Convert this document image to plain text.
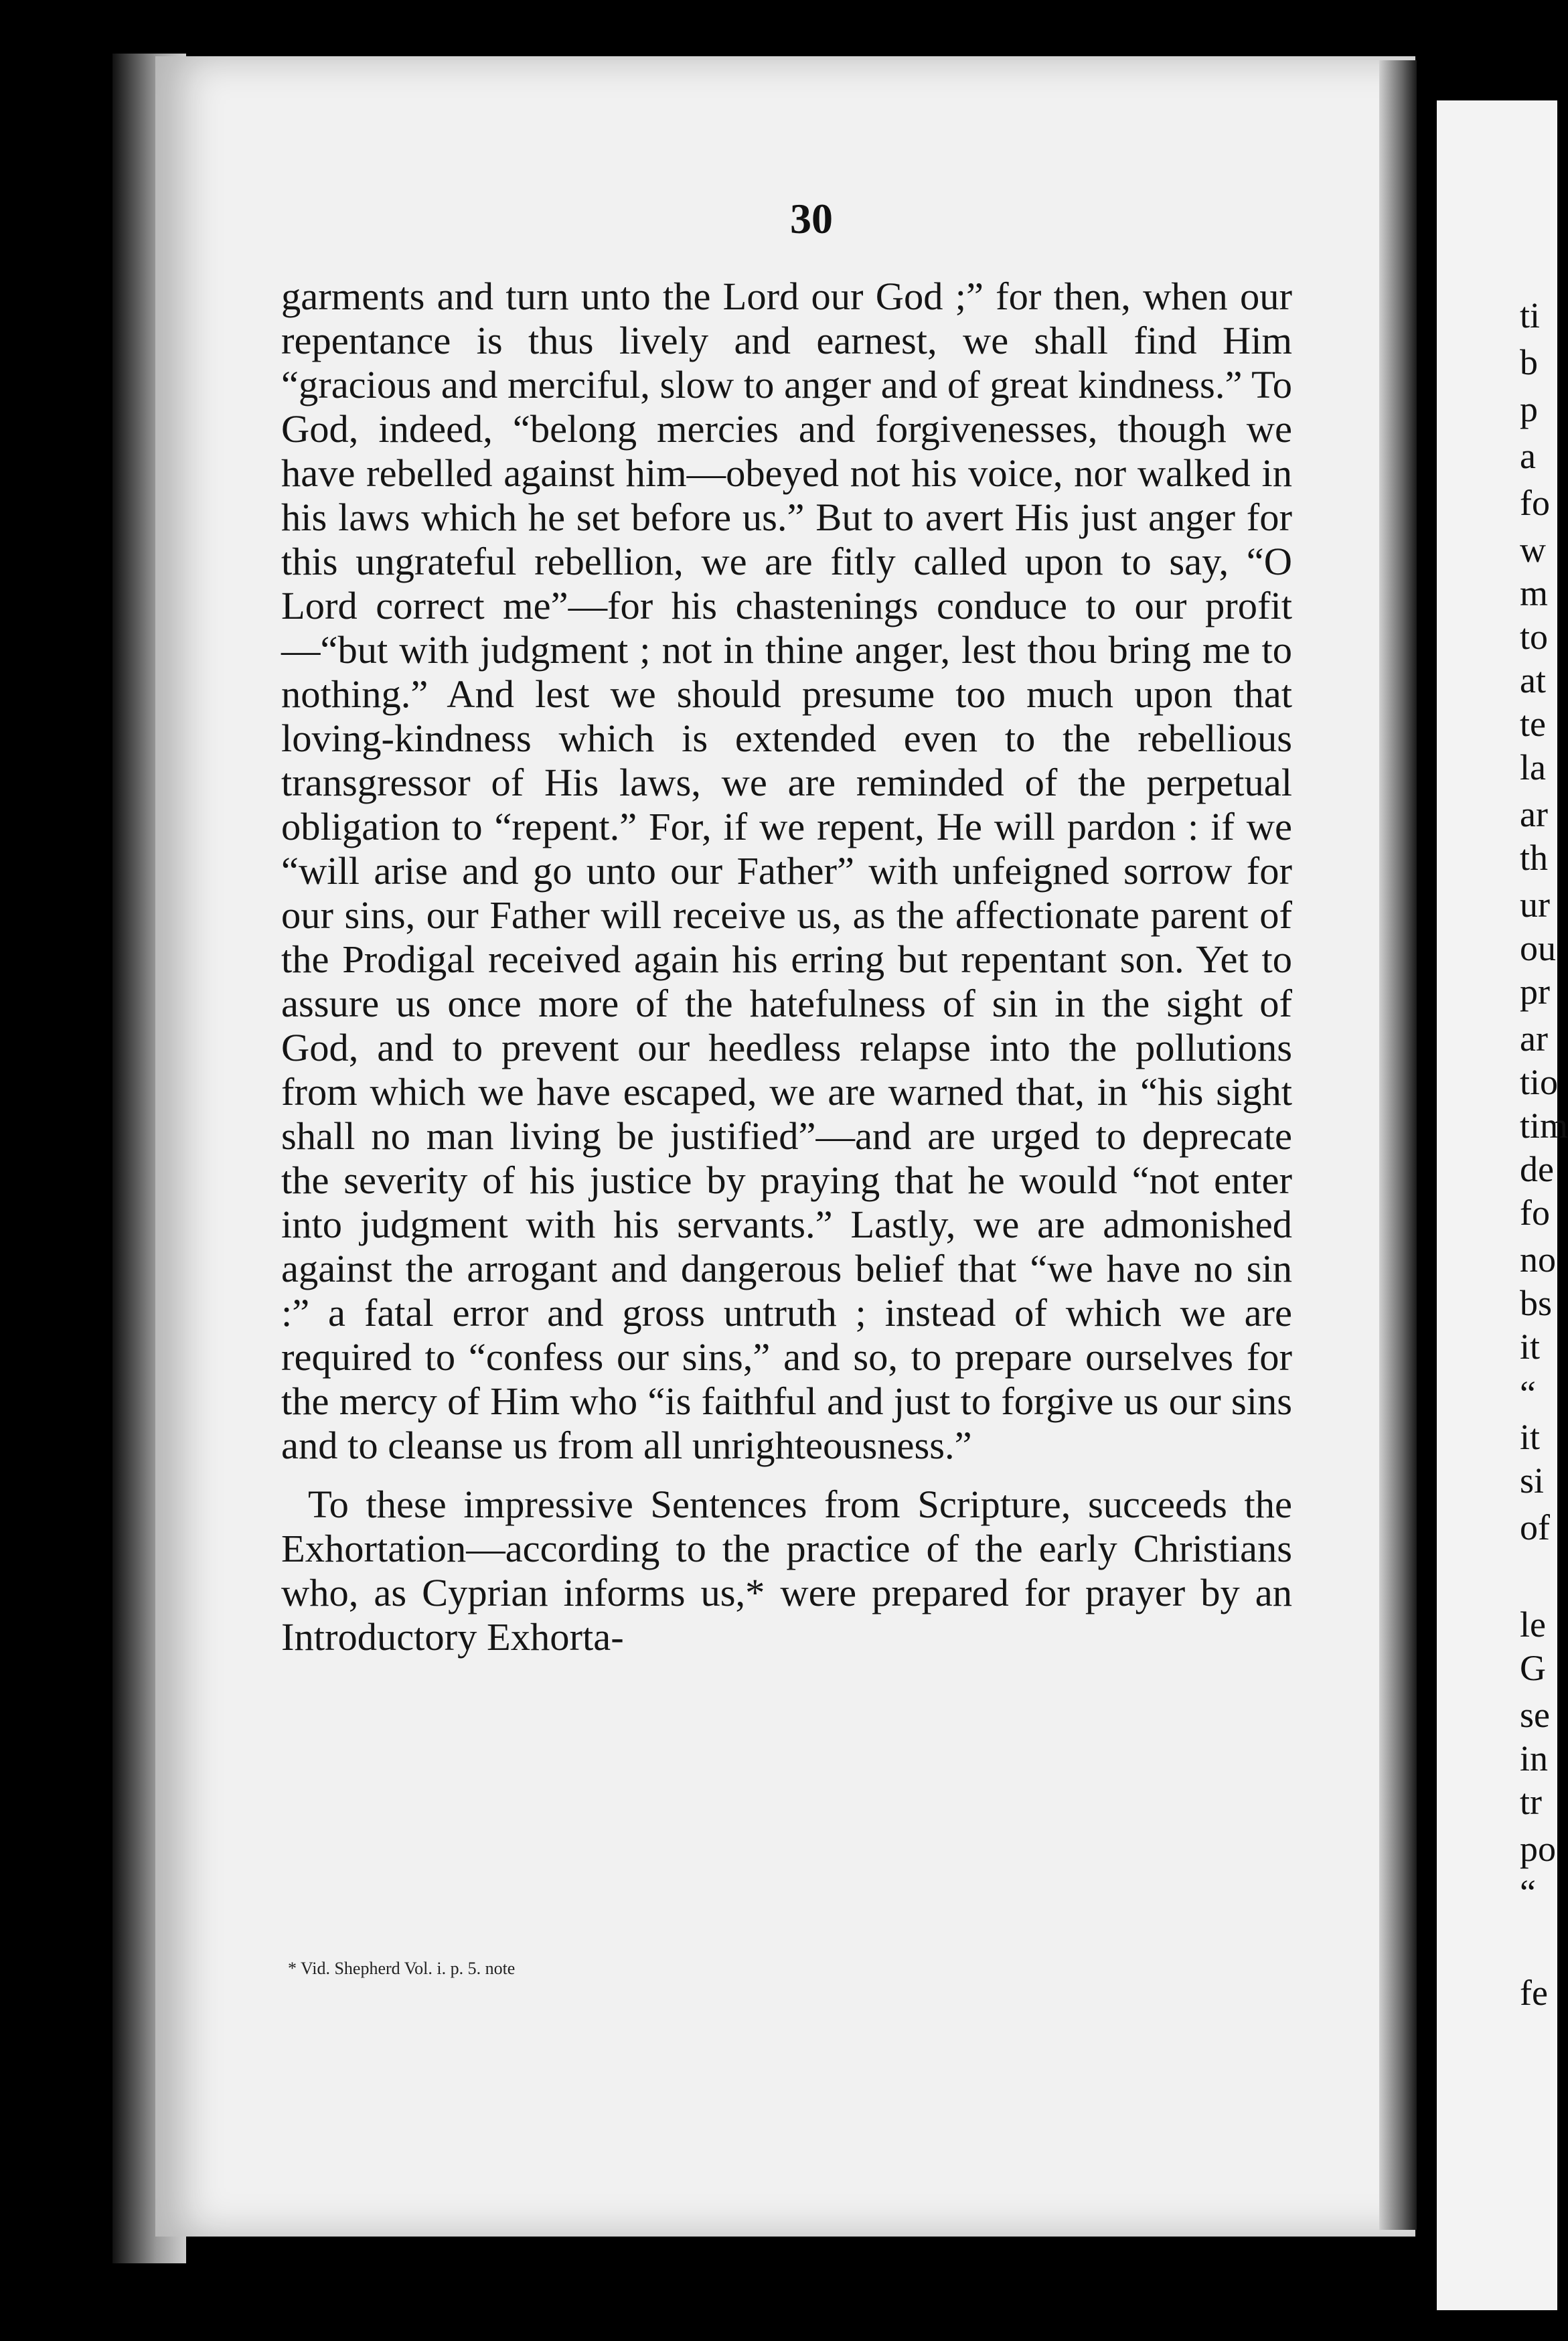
30

garments and turn unto the Lord our God ;” for then, when our repentance is thus lively and earnest, we shall find Him “gracious and merciful, slow to anger and of great kindness.” To God, indeed, “belong mercies and forgivenesses, though we have rebelled against him—obeyed not his voice, nor walked in his laws which he set before us.” But to avert His just anger for this ungrateful rebellion, we are fitly called upon to say, “O Lord correct me”—for his chastenings conduce to our profit—“but with judgment ; not in thine anger, lest thou bring me to nothing.” And lest we should presume too much upon that loving-kindness which is extended even to the rebellious transgressor of His laws, we are reminded of the perpetual obligation to “repent.” For, if we repent, He will pardon : if we “will arise and go unto our Father” with unfeigned sorrow for our sins, our Father will receive us, as the affectionate parent of the Prodigal received again his erring but repentant son. Yet to assure us once more of the hatefulness of sin in the sight of God, and to prevent our heedless relapse into the pollutions from which we have escaped, we are warned that, in “his sight shall no man living be justified”—and are urged to deprecate the severity of his justice by praying that he would “not enter into judgment with his servants.” Lastly, we are admonished against the arrogant and dangerous belief that “we have no sin :” a fatal error and gross untruth ; instead of which we are required to “confess our sins,” and so, to prepare ourselves for the mercy of Him who “is faithful and just to forgive us our sins and to cleanse us from all unrighteousness.”

To these impressive Sentences from Scripture, succeeds the Exhortation—according to the practice of the early Christians who, as Cyprian informs us,* were prepared for prayer by an Introductory Exhorta-

* Vid. Shepherd Vol. i. p. 5. note
ti
b
p
a
fo
w
m
to
at
te
la
ar
th
ur
ou
pr
ar
tio
tim
de
fo
no
bs
it
“
it
si
of
le
G
se
in
tr
po
“
fe
